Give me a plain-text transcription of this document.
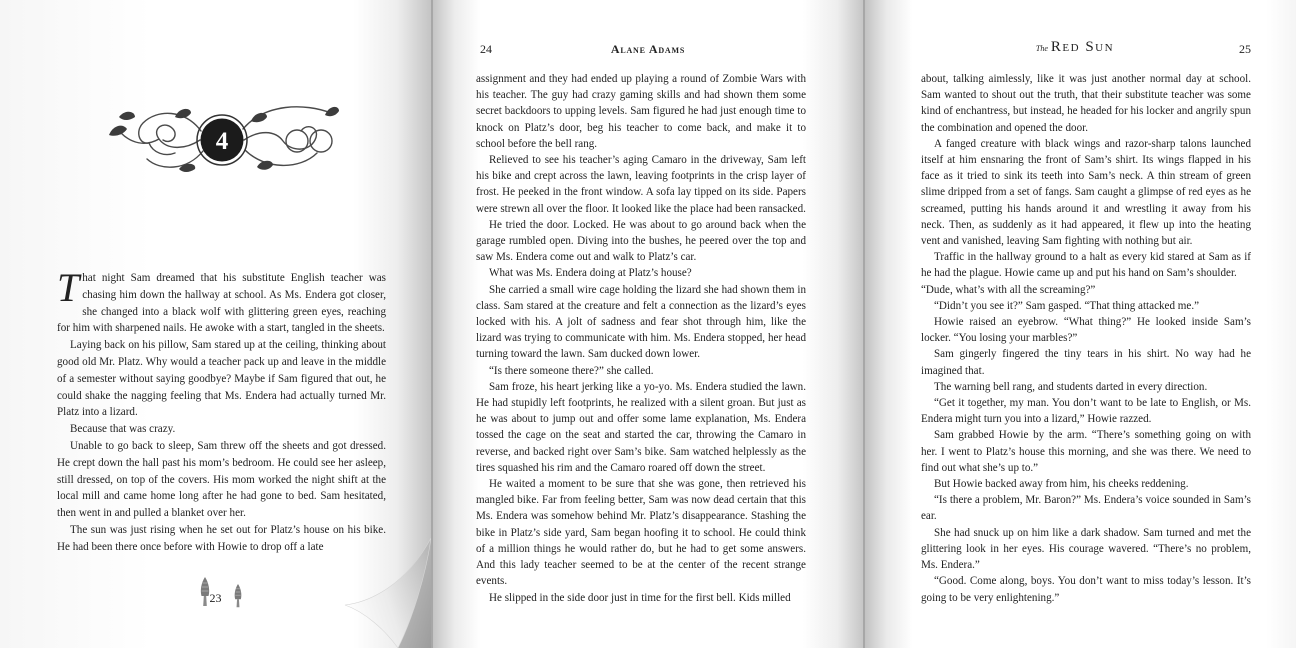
4

That night Sam dreamed that his substitute English teacher was chasing him down the hallway at school. As Ms. Endera got closer, she changed into a black wolf with glittering green eyes, reaching for him with sharpened nails. He awoke with a start, tangled in the sheets.

Laying back on his pillow, Sam stared up at the ceiling, thinking about good old Mr. Platz. Why would a teacher pack up and leave in the middle of a semester without saying goodbye? Maybe if Sam figured that out, he could shake the nagging feeling that Ms. Endera had actually turned Mr. Platz into a lizard.

Because that was crazy.

Unable to go back to sleep, Sam threw off the sheets and got dressed. He crept down the hall past his mom’s bedroom. He could see her asleep, still dressed, on top of the covers. His mom worked the night shift at the local mill and came home long after he had gone to bed. Sam hesitated, then went in and pulled a blanket over her.

The sun was just rising when he set out for Platz’s house on his bike. He had been there once before with Howie to drop off a late

23
24	Alane Adams

assignment and they had ended up playing a round of Zombie Wars with his teacher. The guy had crazy gaming skills and had shown them some secret backdoors to upping levels. Sam figured he had just enough time to knock on Platz’s door, beg his teacher to come back, and make it to school before the bell rang.

Relieved to see his teacher’s aging Camaro in the driveway, Sam left his bike and crept across the lawn, leaving footprints in the crisp layer of frost. He peeked in the front window. A sofa lay tipped on its side. Papers were strewn all over the floor. It looked like the place had been ransacked.

He tried the door. Locked. He was about to go around back when the garage rumbled open. Diving into the bushes, he peered over the top and saw Ms. Endera come out and walk to Platz’s car.

What was Ms. Endera doing at Platz’s house?

She carried a small wire cage holding the lizard she had shown them in class. Sam stared at the creature and felt a connection as the lizard’s eyes locked with his. A jolt of sadness and fear shot through him, like the lizard was trying to communicate with him. Ms. Endera stopped, her head turning toward the lawn. Sam ducked down lower.

“Is there someone there?” she called.

Sam froze, his heart jerking like a yo-yo. Ms. Endera studied the lawn. He had stupidly left footprints, he realized with a silent groan. But just as he was about to jump out and offer some lame explanation, Ms. Endera tossed the cage on the seat and started the car, throwing the Camaro in reverse, and backed right over Sam’s bike. Sam watched helplessly as the tires squashed his rim and the Camaro roared off down the street.

He waited a moment to be sure that she was gone, then retrieved his mangled bike. Far from feeling better, Sam was now dead certain that this Ms. Endera was somehow behind Mr. Platz’s disappearance. Stashing the bike in Platz’s side yard, Sam began hoofing it to school. He could think of a million things he would rather do, but he had to get some answers. And this lady teacher seemed to be at the center of the recent strange events.

He slipped in the side door just in time for the first bell. Kids milled

The Red Sun	25

about, talking aimlessly, like it was just another normal day at school. Sam wanted to shout out the truth, that their substitute teacher was some kind of enchantress, but instead, he headed for his locker and angrily spun the combination and opened the door.

A fanged creature with black wings and razor-sharp talons launched itself at him ensnaring the front of Sam’s shirt. Its wings flapped in his face as it tried to sink its teeth into Sam’s neck. A thin stream of green slime dripped from a set of fangs. Sam caught a glimpse of red eyes as he screamed, putting his hands around it and wrestling it away from his neck. Then, as suddenly as it had appeared, it flew up into the heating vent and vanished, leaving Sam fighting with nothing but air.

Traffic in the hallway ground to a halt as every kid stared at Sam as if he had the plague. Howie came up and put his hand on Sam’s shoulder.

“Dude, what’s with all the screaming?”

“Didn’t you see it?” Sam gasped. “That thing attacked me.”

Howie raised an eyebrow. “What thing?” He looked inside Sam’s locker. “You losing your marbles?”

Sam gingerly fingered the tiny tears in his shirt. No way had he imagined that.

The warning bell rang, and students darted in every direction.

“Get it together, my man. You don’t want to be late to English, or Ms. Endera might turn you into a lizard,” Howie razzed.

Sam grabbed Howie by the arm. “There’s something going on with her. I went to Platz’s house this morning, and she was there. We need to find out what she’s up to.”

But Howie backed away from him, his cheeks reddening.

“Is there a problem, Mr. Baron?” Ms. Endera’s voice sounded in Sam’s ear.

She had snuck up on him like a dark shadow. Sam turned and met the glittering look in her eyes. His courage wavered. “There’s no problem, Ms. Endera.”

“Good. Come along, boys. You don’t want to miss today’s lesson. It’s going to be very enlightening.”
